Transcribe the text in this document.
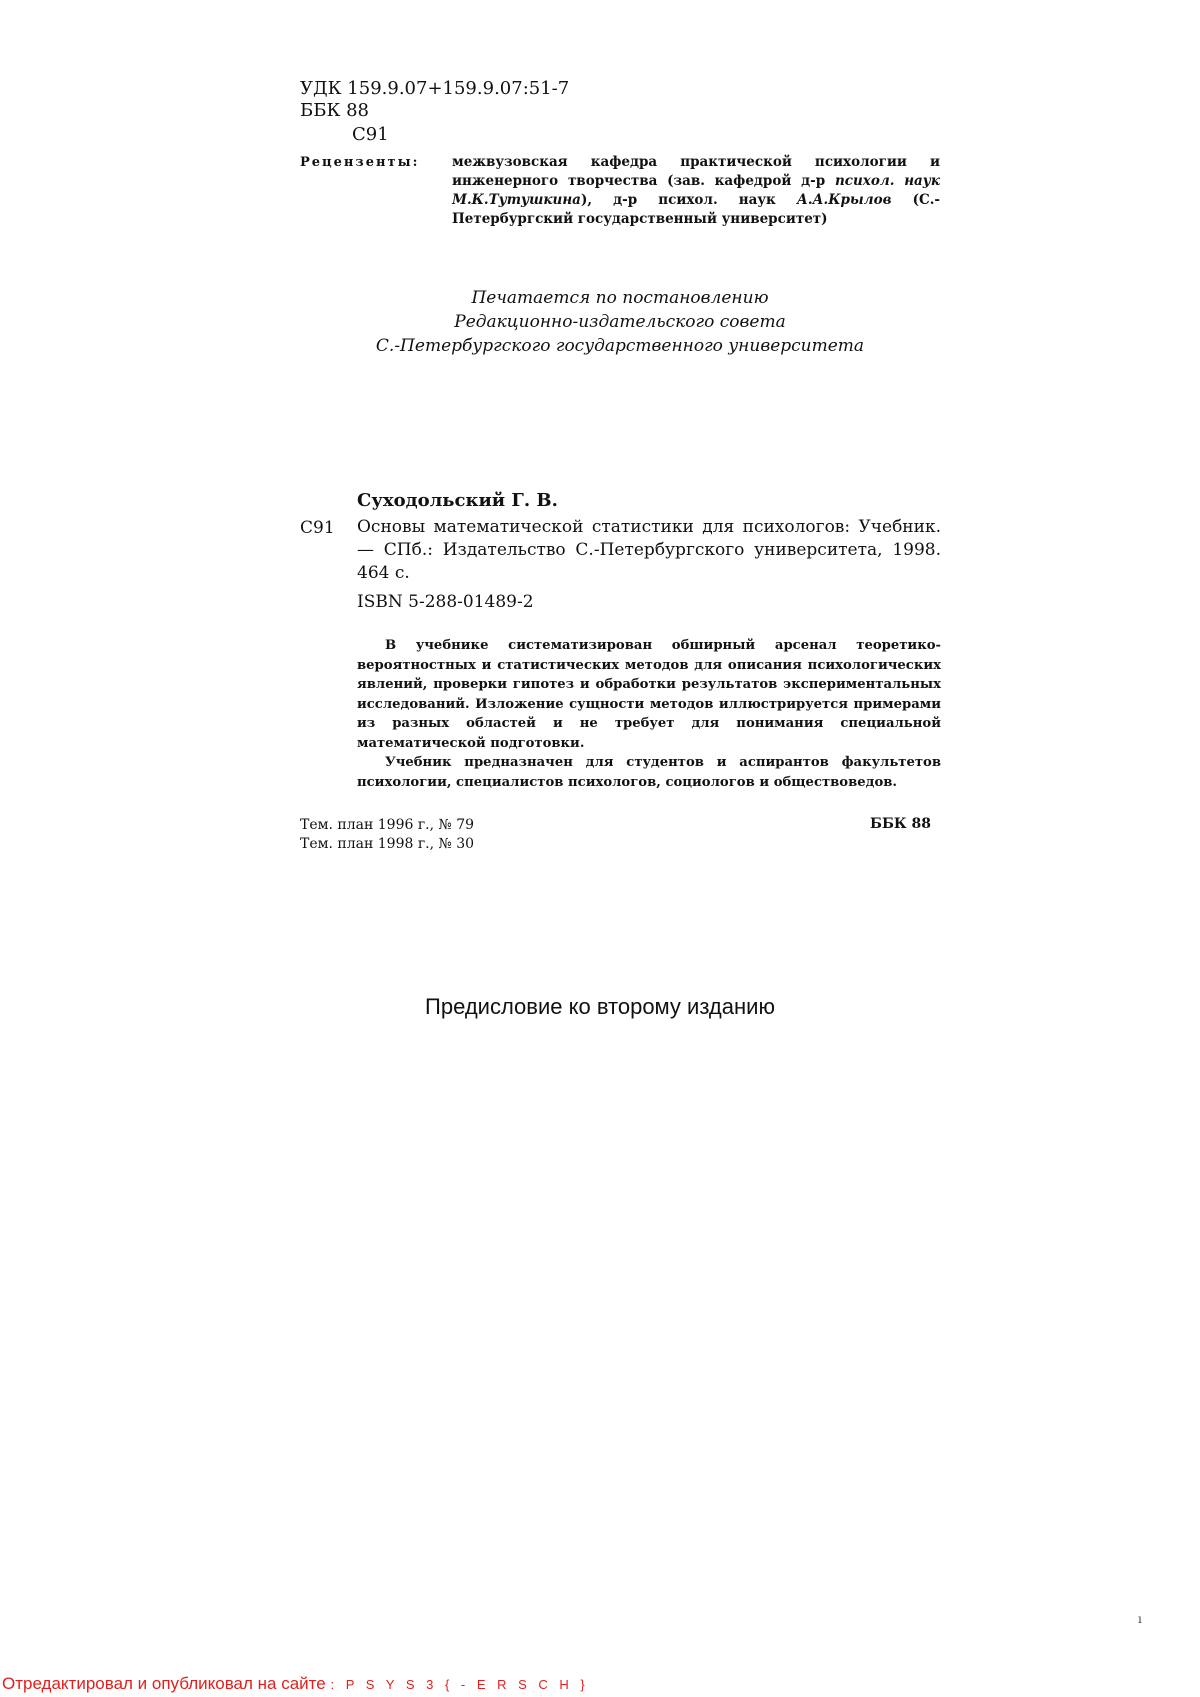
УДК 159.9.07+159.9.07:51-7
ББК 88
С91
Рецензенты: межвузовская кафедра практической психологии и инженерного творчества (зав. кафедрой д-р психол. наук М.К.Тутушкина), д-р психол. наук А.А.Крылов (С.-Петербургский государственный университет)
Печатается по постановлению
Редакционно-издательского совета
С.-Петербургского государственного университета
Суходольский Г. В.
С91 Основы математической статистики для психологов: Учебник. — СПб.: Издательство С.-Петербургского университета, 1998. 464 с.
ISBN 5-288-01489-2

В учебнике систематизирован обширный арсенал теоретико-вероятностных и статистических методов для описания психологических явлений, проверки гипотез и обработки результатов экспериментальных исследований. Изложение сущности методов иллюстрируется примерами из разных областей и не требует для понимания специальной математической подготовки.

Учебник предназначен для студентов и аспирантов факультетов психологии, специалистов психологов, социологов и обществоведов.

Тем. план 1996 г., № 79
Тем. план 1998 г., № 30
ББК 88
Предисловие ко второму изданию
ı
Отредактировал и опубликовал на сайте : P S Y S 3 { - E R S C H }
